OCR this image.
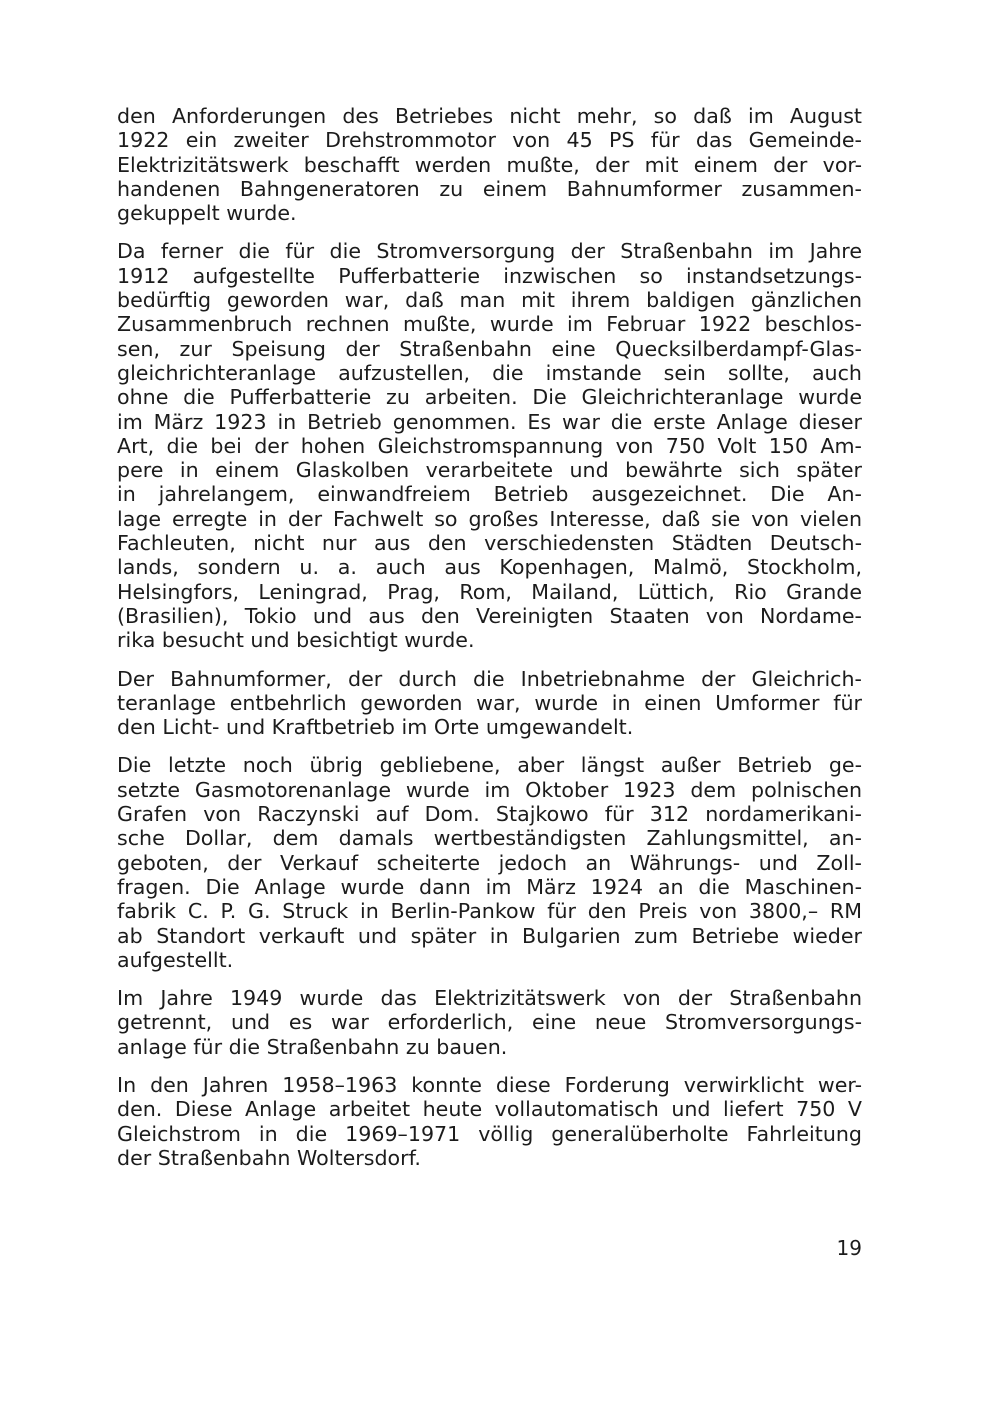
den Anforderungen des Betriebes nicht mehr, so daß im August
1922 ein zweiter Drehstrommotor von 45 PS für das Gemeinde-
Elektrizitätswerk beschafft werden mußte, der mit einem der vor-
handenen Bahngeneratoren zu einem Bahnumformer zusammen-
gekuppelt wurde.
Da ferner die für die Stromversorgung der Straßenbahn im Jahre
1912 aufgestellte Pufferbatterie inzwischen so instandsetzungs-
bedürftig geworden war, daß man mit ihrem baldigen gänzlichen
Zusammenbruch rechnen mußte, wurde im Februar 1922 beschlos-
sen, zur Speisung der Straßenbahn eine Quecksilberdampf-Glas-
gleichrichteranlage aufzustellen, die imstande sein sollte, auch
ohne die Pufferbatterie zu arbeiten. Die Gleichrichteranlage wurde
im März 1923 in Betrieb genommen. Es war die erste Anlage dieser
Art, die bei der hohen Gleichstromspannung von 750 Volt 150 Am-
pere in einem Glaskolben verarbeitete und bewährte sich später
in jahrelangem, einwandfreiem Betrieb ausgezeichnet. Die An-
lage erregte in der Fachwelt so großes Interesse, daß sie von vielen
Fachleuten, nicht nur aus den verschiedensten Städten Deutsch-
lands, sondern u. a. auch aus Kopenhagen, Malmö, Stockholm,
Helsingfors, Leningrad, Prag, Rom, Mailand, Lüttich, Rio Grande
(Brasilien), Tokio und aus den Vereinigten Staaten von Nordame-
rika besucht und besichtigt wurde.
Der Bahnumformer, der durch die Inbetriebnahme der Gleichrich-
teranlage entbehrlich geworden war, wurde in einen Umformer für
den Licht- und Kraftbetrieb im Orte umgewandelt.
Die letzte noch übrig gebliebene, aber längst außer Betrieb ge-
setzte Gasmotorenanlage wurde im Oktober 1923 dem polnischen
Grafen von Raczynski auf Dom. Stajkowo für 312 nordamerikani-
sche Dollar, dem damals wertbeständigsten Zahlungsmittel, an-
geboten, der Verkauf scheiterte jedoch an Währungs- und Zoll-
fragen. Die Anlage wurde dann im März 1924 an die Maschinen-
fabrik C. P. G. Struck in Berlin-Pankow für den Preis von 3800,– RM
ab Standort verkauft und später in Bulgarien zum Betriebe wieder
aufgestellt.
Im Jahre 1949 wurde das Elektrizitätswerk von der Straßenbahn
getrennt, und es war erforderlich, eine neue Stromversorgungs-
anlage für die Straßenbahn zu bauen.
In den Jahren 1958–1963 konnte diese Forderung verwirklicht wer-
den. Diese Anlage arbeitet heute vollautomatisch und liefert 750 V
Gleichstrom in die 1969–1971 völlig generalüberholte Fahrleitung
der Straßenbahn Woltersdorf.
19
